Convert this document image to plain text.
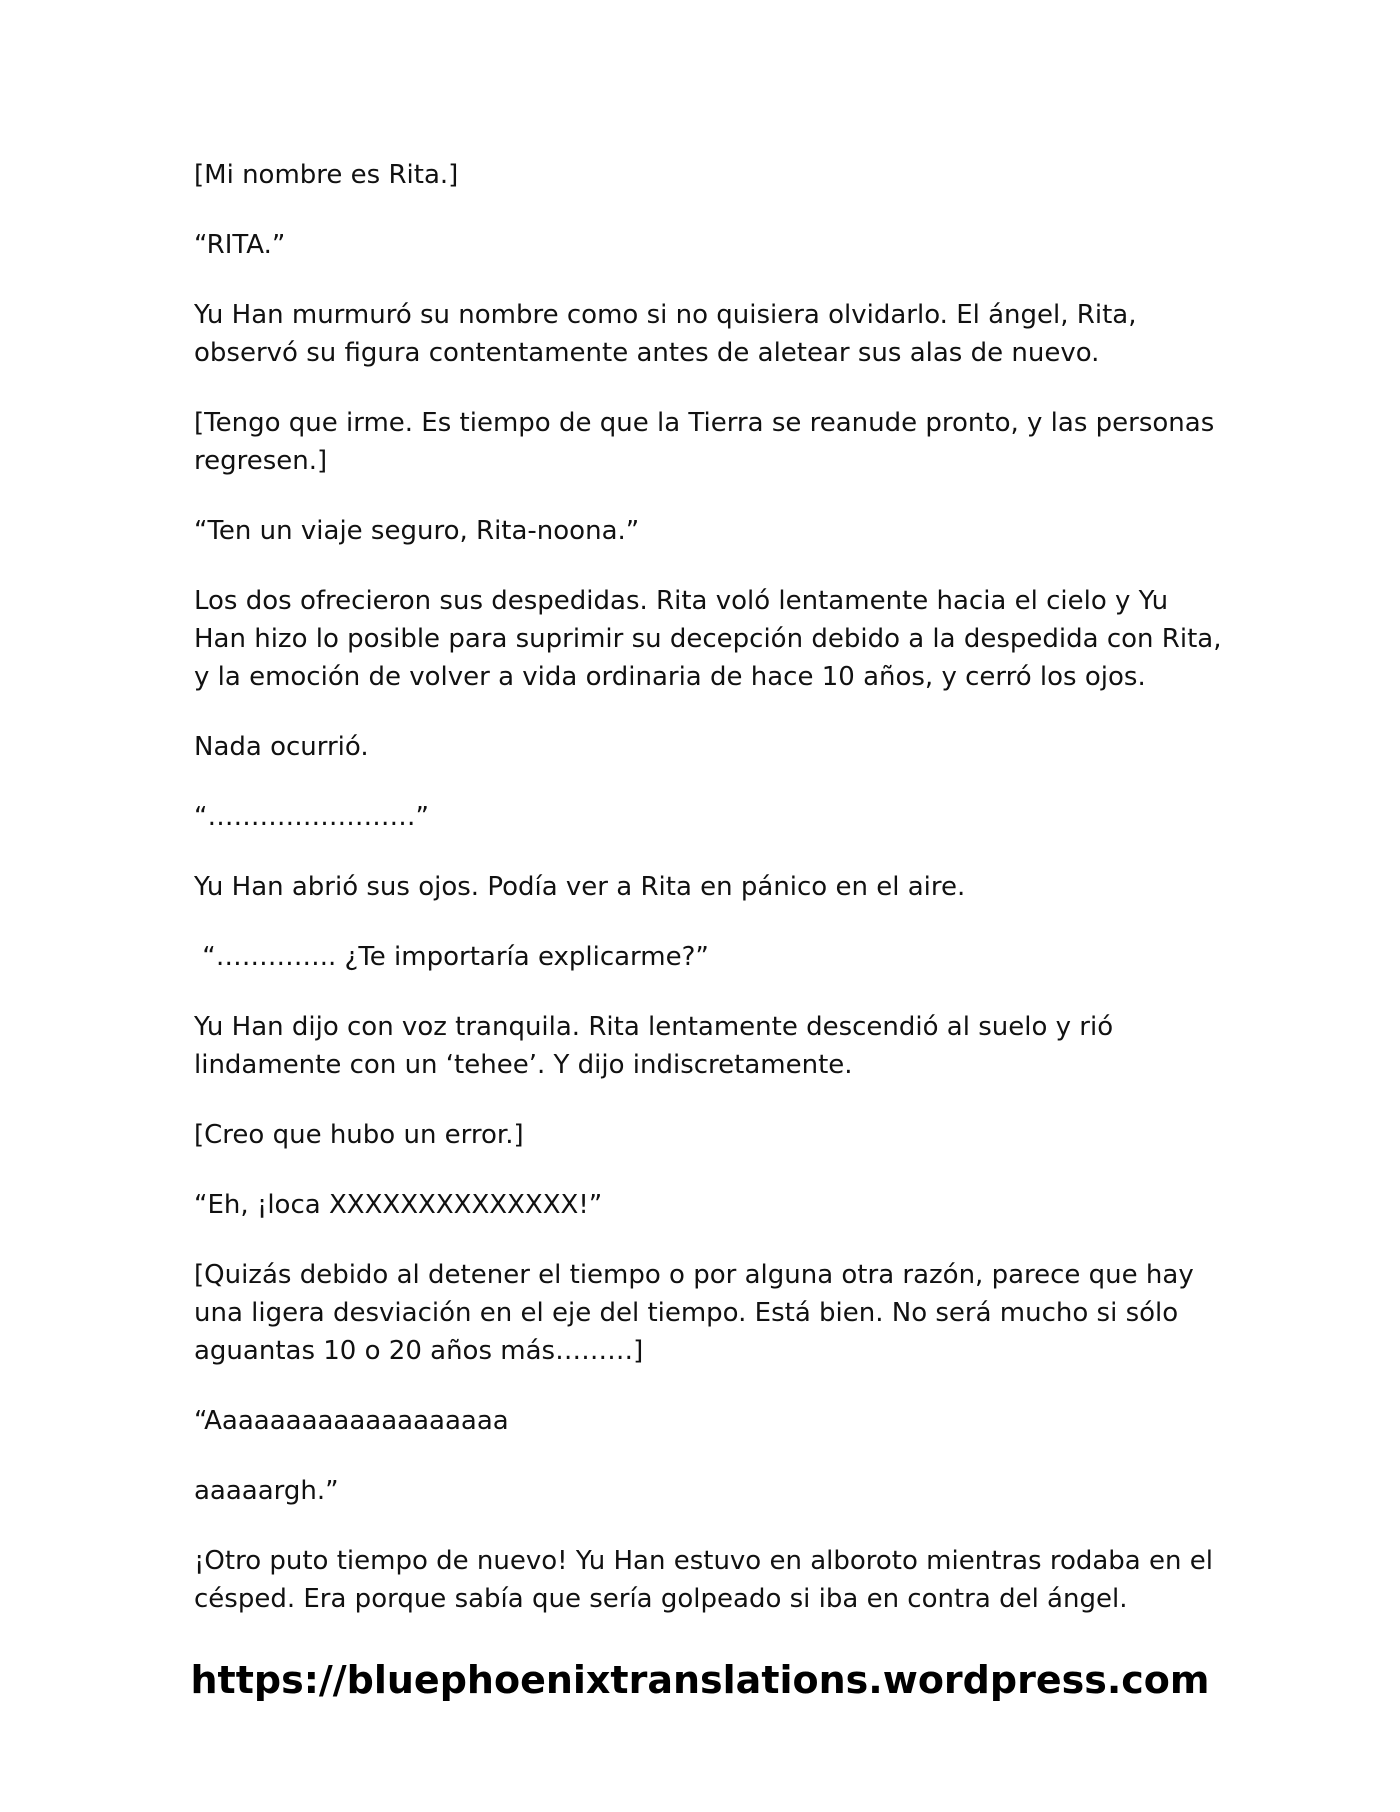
[Mi nombre es Rita.]

“RITA.”

Yu Han murmuró su nombre como si no quisiera olvidarlo. El ángel, Rita, observó su figura contentamente antes de aletear sus alas de nuevo.

[Tengo que irme. Es tiempo de que la Tierra se reanude pronto, y las personas regresen.]

“Ten un viaje seguro, Rita-noona.”

Los dos ofrecieron sus despedidas. Rita voló lentamente hacia el cielo y Yu Han hizo lo posible para suprimir su decepción debido a la despedida con Rita, y la emoción de volver a vida ordinaria de hace 10 años, y cerró los ojos.

Nada ocurrió.

“……………………”

Yu Han abrió sus ojos. Podía ver a Rita en pánico en el aire.

“………….. ¿Te importaría explicarme?”

Yu Han dijo con voz tranquila. Rita lentamente descendió al suelo y rió lindamente con un ‘tehee’. Y dijo indiscretamente.

[Creo que hubo un error.]

“Eh, ¡loca XXXXXXXXXXXXXX!”

[Quizás debido al detener el tiempo o por alguna otra razón, parece que hay una ligera desviación en el eje del tiempo. Está bien. No será mucho si sólo aguantas 10 o 20 años más………]

“Aaaaaaaaaaaaaaaaaaa

aaaaargh.”

¡Otro puto tiempo de nuevo! Yu Han estuvo en alboroto mientras rodaba en el césped. Era porque sabía que sería golpeado si iba en contra del ángel.

https://bluephoenixtranslations.wordpress.com
